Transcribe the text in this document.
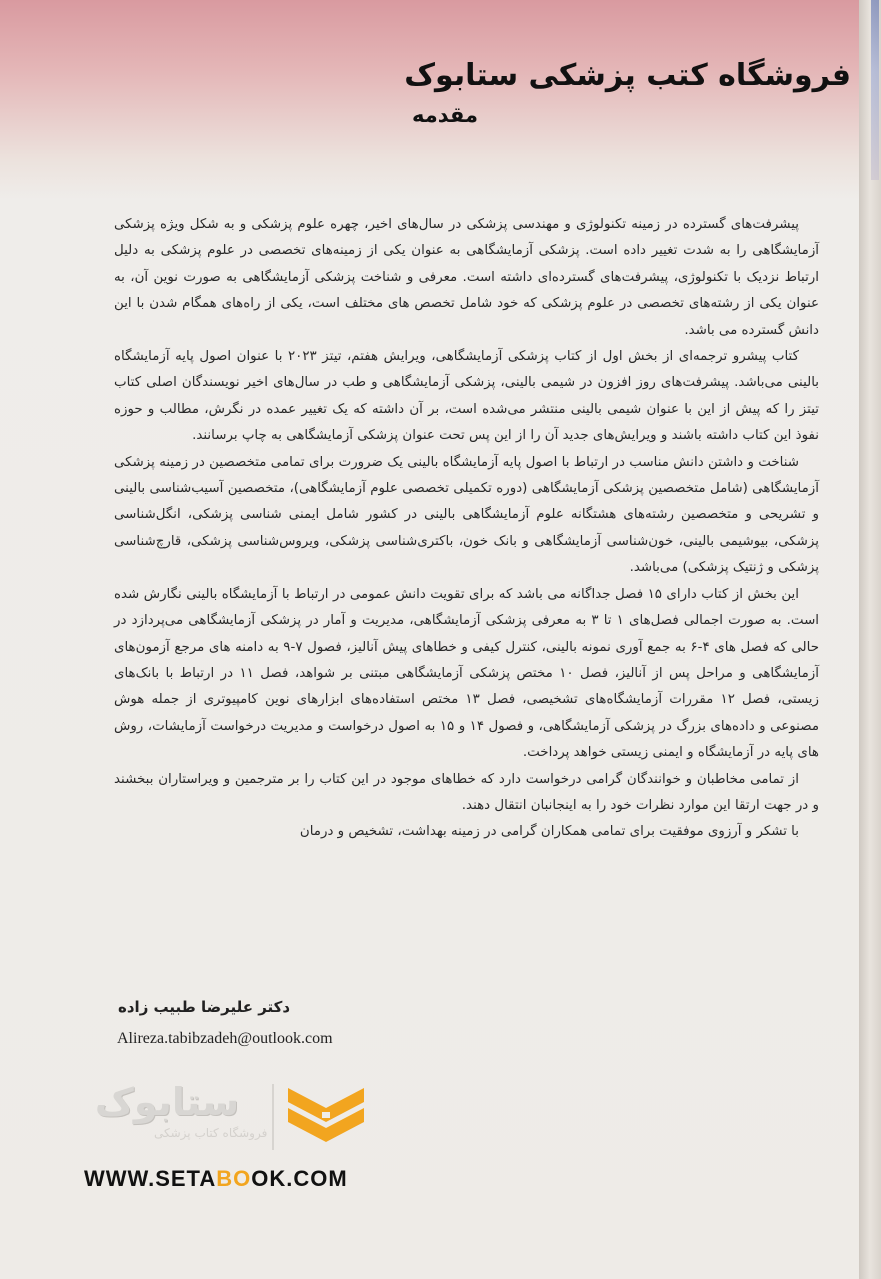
فروشگاه کتب پزشکی ستابوک
مقدمه

پیشرفت‌های گسترده در زمینه تکنولوژی و مهندسی پزشکی در سال‌های اخیر، چهره علوم پزشکی و به شکل ویژه پزشکی آزمایشگاهی را به شدت تغییر داده است. پزشکی آزمایشگاهی به عنوان یکی از زمینه‌های تخصصی در علوم پزشکی به دلیل ارتباط نزدیک با تکنولوژی، پیشرفت‌های گسترده‌ای داشته است. معرفی و شناخت پزشکی آزمایشگاهی به صورت نوین آن، به عنوان یکی از رشته‌های تخصصی در علوم پزشکی که خود شامل تخصص های مختلف است، یکی از راه‌های همگام شدن با این دانش گسترده می باشد.

کتاب پیشرو ترجمه‌ای از بخش اول از کتاب پزشکی آزمایشگاهی، ویرایش هفتم، تیتز ۲۰۲۳ با عنوان اصول پایه آزمایشگاه بالینی می‌باشد. پیشرفت‌های روز افزون در شیمی بالینی، پزشکی آزمایشگاهی و طب در سال‌های اخیر نویسندگان اصلی کتاب تیتز را که پیش از این با عنوان شیمی بالینی منتشر می‌شده است، بر آن داشته که یک تغییر عمده در نگرش، مطالب و حوزه نفوذ این کتاب داشته باشند و ویرایش‌های جدید آن را از این پس تحت عنوان پزشکی آزمایشگاهی به چاپ برسانند.

شناخت و داشتن دانش مناسب در ارتباط با اصول پایه آزمایشگاه بالینی یک ضرورت برای تمامی متخصصین در زمینه پزشکی آزمایشگاهی (شامل متخصصین پزشکی آزمایشگاهی (دوره تکمیلی تخصصی علوم آزمایشگاهی)، متخصصین آسیب‌شناسی بالینی و تشریحی و متخصصین رشته‌های هشتگانه علوم آزمایشگاهی بالینی در کشور شامل ایمنی شناسی پزشکی، انگل‌شناسی پزشکی، بیوشیمی بالینی، خون‌شناسی آزمایشگاهی و بانک خون، باکتری‌شناسی پزشکی، ویروس‌شناسی پزشکی، قارچ‌شناسی پزشکی و ژنتیک پزشکی) می‌باشد.

این بخش از کتاب دارای ۱۵ فصل جداگانه می باشد که برای تقویت دانش عمومی در ارتباط با آزمایشگاه بالینی نگارش شده است. به صورت اجمالی فصل‌های ۱ تا ۳ به معرفی پزشکی آزمایشگاهی، مدیریت و آمار در پزشکی آزمایشگاهی می‌پردازد در حالی که فصل های ۴-۶ به جمع آوری نمونه بالینی، کنترل کیفی و خطاهای پیش آنالیز، فصول ۷-۹ به دامنه های مرجع آزمون‌های آزمایشگاهی و مراحل پس از آنالیز، فصل ۱۰ مختص پزشکی آزمایشگاهی مبتنی بر شواهد، فصل ۱۱ در ارتباط با بانک‌های زیستی، فصل ۱۲ مقررات آزمایشگاه‌های تشخیصی، فصل ۱۳ مختص استفاده‌های ابزارهای نوین کامپیوتری از جمله هوش مصنوعی و داده‌های بزرگ در پزشکی آزمایشگاهی، و فصول ۱۴ و ۱۵ به اصول درخواست و مدیریت درخواست آزمایشات، روش های پایه در آزمایشگاه و ایمنی زیستی خواهد پرداخت.

از تمامی مخاطبان و خوانندگان گرامی درخواست دارد که خطاهای موجود در این کتاب را بر مترجمین و ویراستاران ببخشند و در جهت ارتقا این موارد نظرات خود را به اینجانبان انتقال دهند.

با تشکر و آرزوی موفقیت برای تمامی همکاران گرامی در زمینه بهداشت، تشخیص و درمان

دکتر علیرضا طبیب زاده

Alireza.tabibzadeh@outlook.com
ستابوک
فروشگاه کتاب پزشکی
WWW.SETABOOK.COM
